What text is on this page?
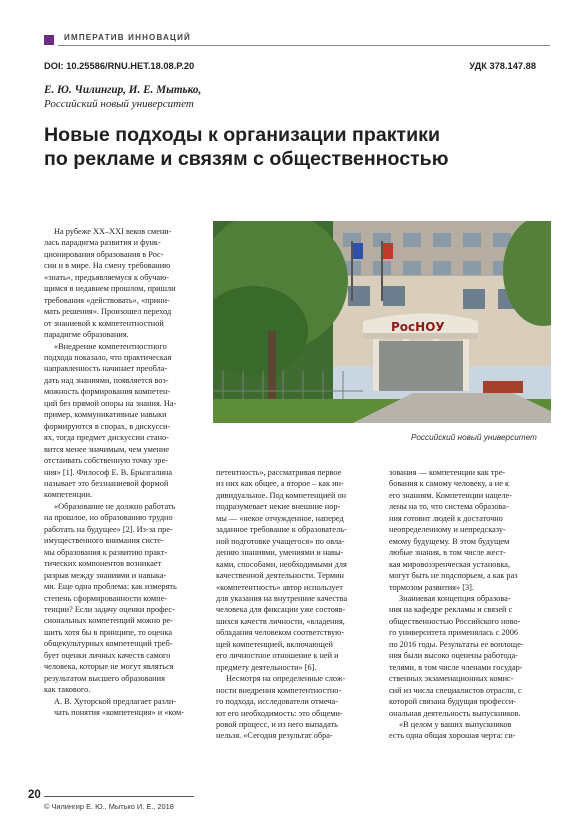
ИМПЕРАТИВ ИННОВАЦИЙ
DOI: 10.25586/RNU.HET.18.08.P.20	УДК 378.147.88
Е. Ю. Чилингир, И. Е. Мытько,
Российский новый университет
Новые подходы к организации практики
по рекламе и связям с общественностью

На рубеже XX–XXI веков смени-

лась парадигма развития и функ-

ционирования образования в Рос-

сии и в мире. На смену требованию

«знать», предъявляемуся к обучаю-

щимся в недавнем прошлом, пришли

требования «действовать», «прини-

мать решения». Произошел переход

от знаниевой к компетентностной

парадигме образования.

«Внедрение компетентностного

подхода показало, что практическая

направленность начинает преобла-

дать над знаниями, появляется воз-

можность формирования компетен-

ций без прямой опоры на знания. На-

пример, коммуникативные навыки

формируются в спорах, в дискусси-

ях, тогда предмет дискуссии стано-

вится менее значимым, чем умение

отстаивать собственную точку зре-

ния» [1]. Философ Е. В. Брызгалина

называет это беззнаниевой формой

компетенции.

«Образование не должно работать

на прошлое, но образованию трудно

работать на будущее» [2]. Из-за пре-

имущественного внимания систе-

мы образования к развитию практ-

тических компонентов возникает

разрыв между знаниями и навыка-

ми. Еще одна проблема: как измерять

степень сформированности компе-

тенции? Если задачу оценки профес-

сиональных компетенций можно ре-

шить хотя бы в принципе, то оценка

общекультурных компетенций треб-

бует оценки личных качеств самого

человека, которые не могут являться

результатом высшего образования

как такового.

А. В. Хуторской предлагает разли-

чать понятия «компетенция» и «ком-

РосНОУ
Российский новый университет

петентность», рассматривая первое

из них как общее, а второе – как ин-

дивидуальное. Под компетенцией он

подразумевает некие внешние нор-

мы — «некое отчужденное, наперед

заданное требование к образователь-

ной подготовке учащегося» по овла-

дению знаниями, умениями и навы-

ками, способами, необходимыми для

качественной деятельности. Термин

«компетентность» автор использует

для указания на внутренние качества

человека для фиксации уже состояв-

шихся качеств личности, «владения,

обладания человеком соответствую-

щей компетенцией, включающей

его личностное отношение к ней и

предмету деятельности» [6].

Несмотря на определенные слож-

ности внедрения компетентностно-

го подхода, исследователи отмеча-

ют его необходимость: это общеми-

ровой процесс, и из него выпадать

нельзя. «Сегодня результат обра-

зования — компетенции как тре-

бования к самому человеку, а не к

его знаниям. Компетенции нацеле-

лены на то, что система образова-

ния готовит людей к достаточно

неопределенному и непредсказу-

емому будущему. В этом будущем

любые знания, в том числе жест-

кая мировоззренческая установка,

могут быть не подспорьем, а как раз

тормозом развития» [3].

Знаниевая концепция образова-

ния на кафедре рекламы и связей с

общественностью Российского ново-

го университета применялась с 2006

по 2016 годы. Результаты ее воплоще-

ния были высоко оценены работода-

телями, в том числе членами государ-

ственных экзаменационных комис-

сий из числа специалистов отрасли, с

которой связана будущая професси-

ональная деятельность выпускников.

«В целом у ваших выпускников

есть одна общая хорошая черта: си-

20
© Чилингир Е. Ю., Мытько И. Е., 2018
